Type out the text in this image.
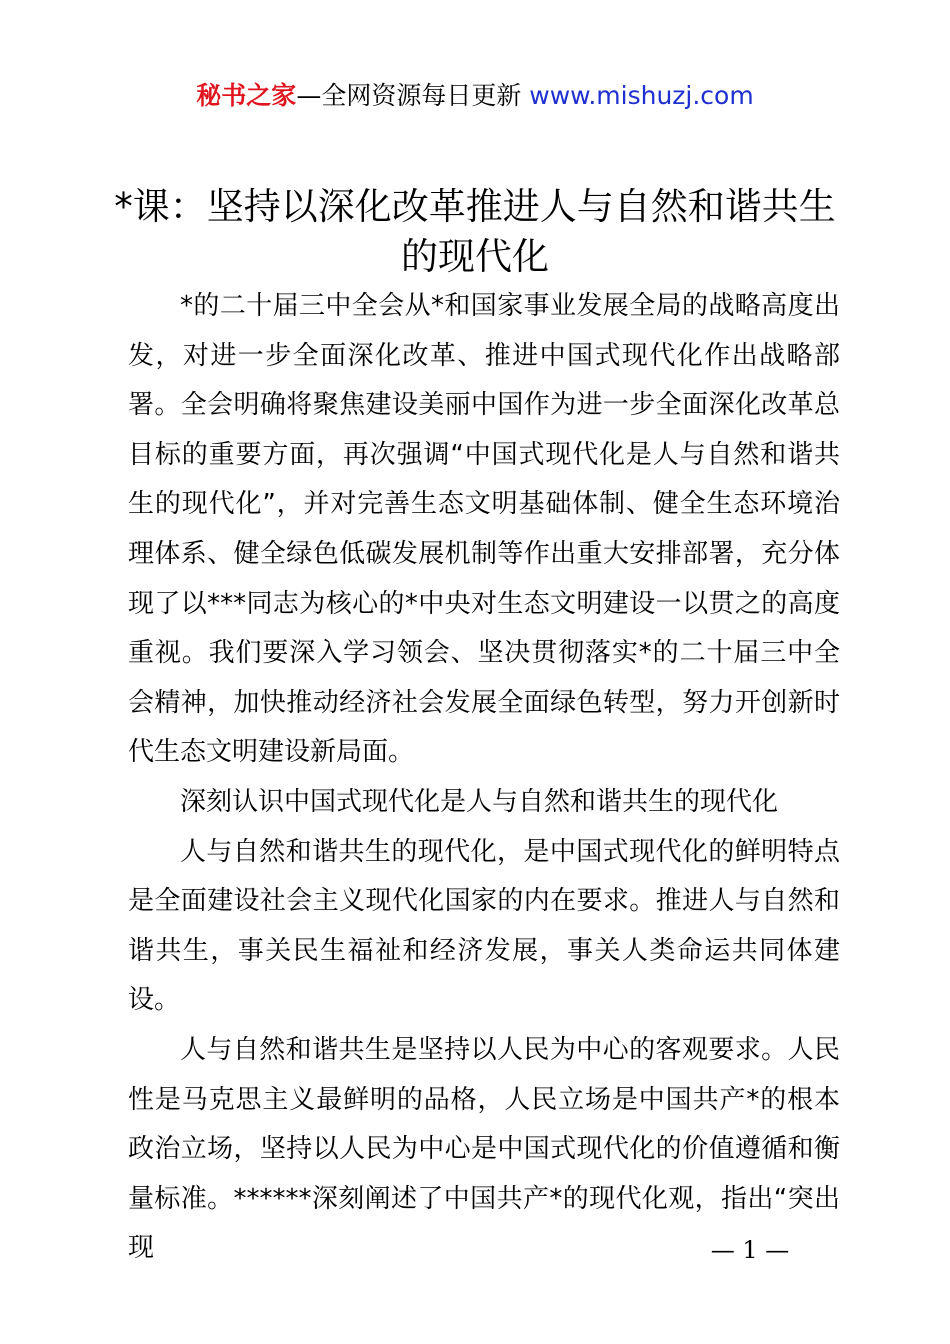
秘书之家—全网资源每日更新 www.mishuzj.com
*课：坚持以深化改革推进人与自然和谐共生的现代化

*的二十届三中全会从*和国家事业发展全局的战略高度出发，对进一步全面深化改革、推进中国式现代化作出战略部署。全会明确将聚焦建设美丽中国作为进一步全面深化改革总目标的重要方面，再次强调“中国式现代化是人与自然和谐共生的现代化”，并对完善生态文明基础体制、健全生态环境治理体系、健全绿色低碳发展机制等作出重大安排部署，充分体现了以***同志为核心的*中央对生态文明建设一以贯之的高度重视。我们要深入学习领会、坚决贯彻落实*的二十届三中全会精神，加快推动经济社会发展全面绿色转型，努力开创新时代生态文明建设新局面。

深刻认识中国式现代化是人与自然和谐共生的现代化

人与自然和谐共生的现代化，是中国式现代化的鲜明特点是全面建设社会主义现代化国家的内在要求。推进人与自然和谐共生，事关民生福祉和经济发展，事关人类命运共同体建设。

人与自然和谐共生是坚持以人民为中心的客观要求。人民性是马克思主义最鲜明的品格，人民立场是中国共产*的根本政治立场，坚持以人民为中心是中国式现代化的价值遵循和衡量标准。******深刻阐述了中国共产*的现代化观，指出“突出现	— 1 —
